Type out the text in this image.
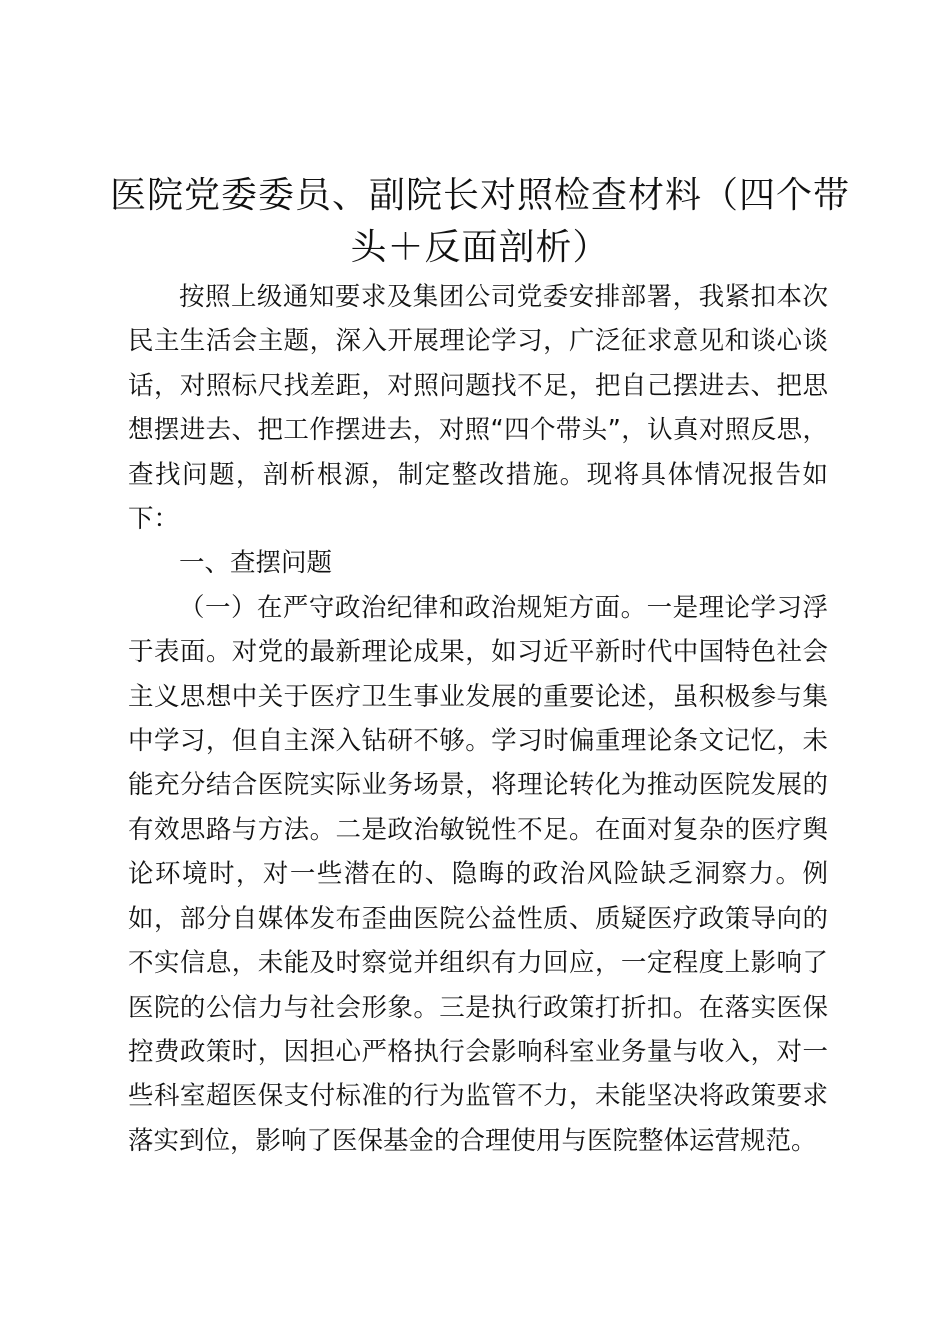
医院党委委员、副院长对照检查材料（四个带头＋反面剖析）

按照上级通知要求及集团公司党委安排部署，我紧扣本次民主生活会主题，深入开展理论学习，广泛征求意见和谈心谈话，对照标尺找差距，对照问题找不足，把自己摆进去、把思想摆进去、把工作摆进去，对照“四个带头”，认真对照反思，查找问题，剖析根源，制定整改措施。现将具体情况报告如下：

一、查摆问题

（一）在严守政治纪律和政治规矩方面。一是理论学习浮于表面。对党的最新理论成果，如习近平新时代中国特色社会主义思想中关于医疗卫生事业发展的重要论述，虽积极参与集中学习，但自主深入钻研不够。学习时偏重理论条文记忆，未能充分结合医院实际业务场景，将理论转化为推动医院发展的有效思路与方法。二是政治敏锐性不足。在面对复杂的医疗舆论环境时，对一些潜在的、隐晦的政治风险缺乏洞察力。例如，部分自媒体发布歪曲医院公益性质、质疑医疗政策导向的不实信息，未能及时察觉并组织有力回应，一定程度上影响了医院的公信力与社会形象。三是执行政策打折扣。在落实医保控费政策时，因担心严格执行会影响科室业务量与收入，对一些科室超医保支付标准的行为监管不力，未能坚决将政策要求落实到位，影响了医保基金的合理使用与医院整体运营规范。
